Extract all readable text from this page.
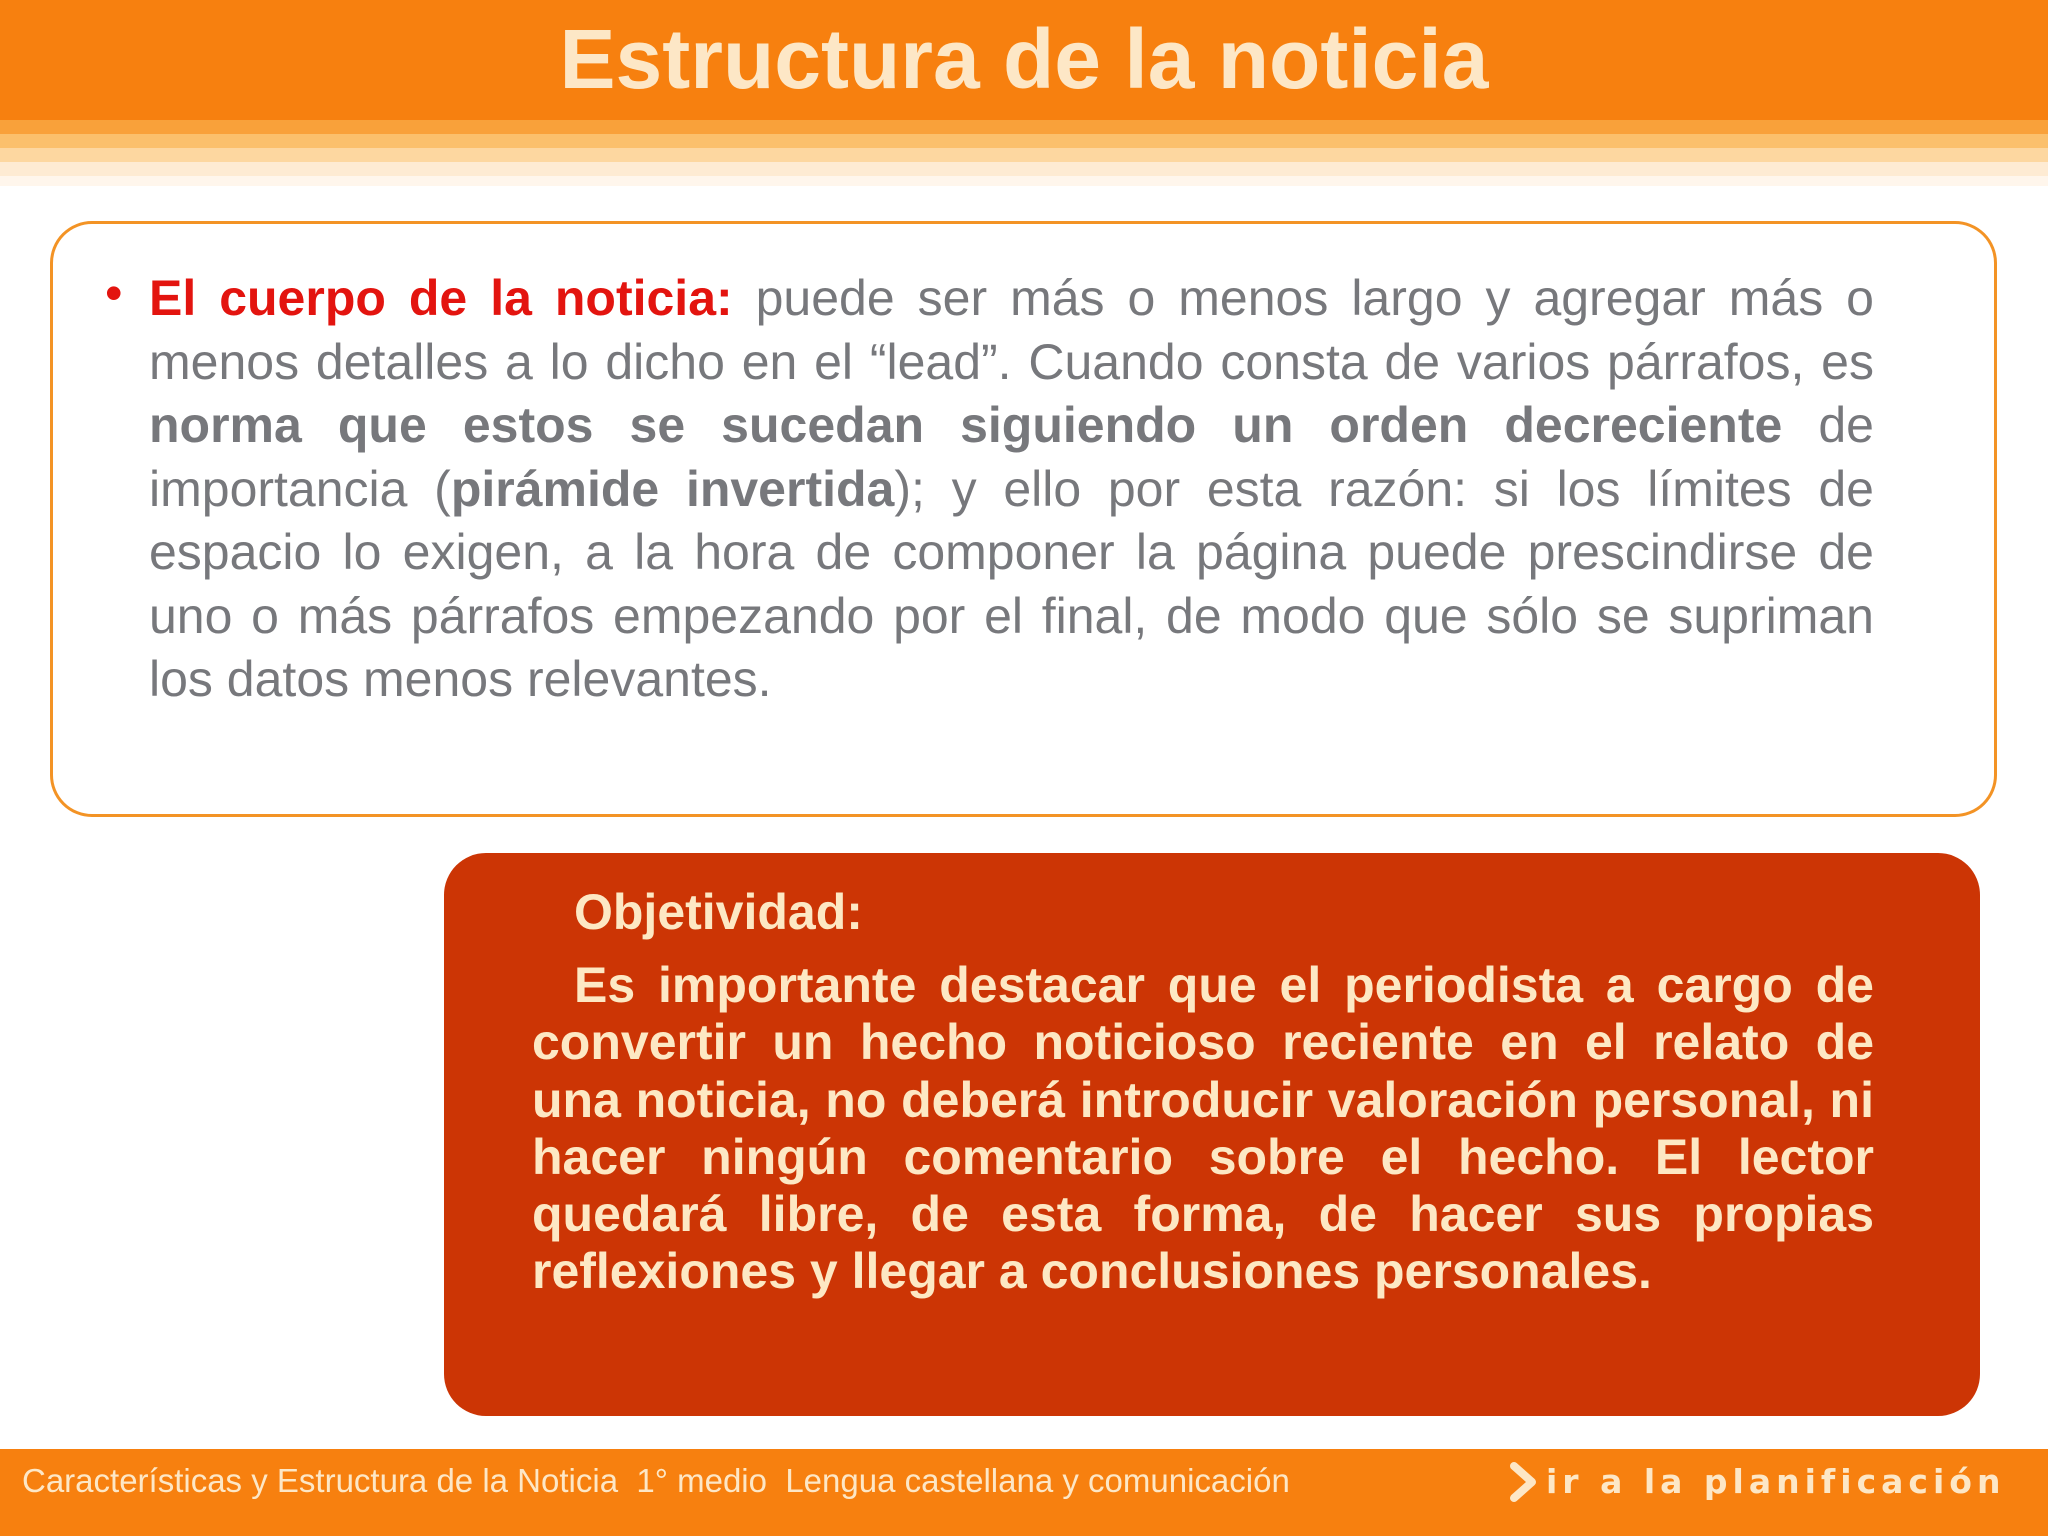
Estructura de la noticia
• El cuerpo de la noticia: puede ser más o menos largo y agregar más o menos detalles a lo dicho en el “lead”. Cuando consta de varios párrafos, es norma que estos se sucedan siguiendo un orden decreciente de importancia (pirámide invertida); y ello por esta razón: si los límites de espacio lo exigen, a la hora de componer la página puede prescindirse de uno o más párrafos empezando por el final, de modo que sólo se supriman los datos menos relevantes.

Objetividad:

Es importante destacar que el periodista a cargo de convertir un hecho noticioso reciente en el relato de una noticia, no deberá introducir valoración personal, ni hacer ningún comentario sobre el hecho. El lector quedará libre, de esta forma, de hacer sus propias reflexiones y llegar a conclusiones personales.

Características y Estructura de la Noticia  1° medio  Lengua castellana y comunicación	ir a la planificación
